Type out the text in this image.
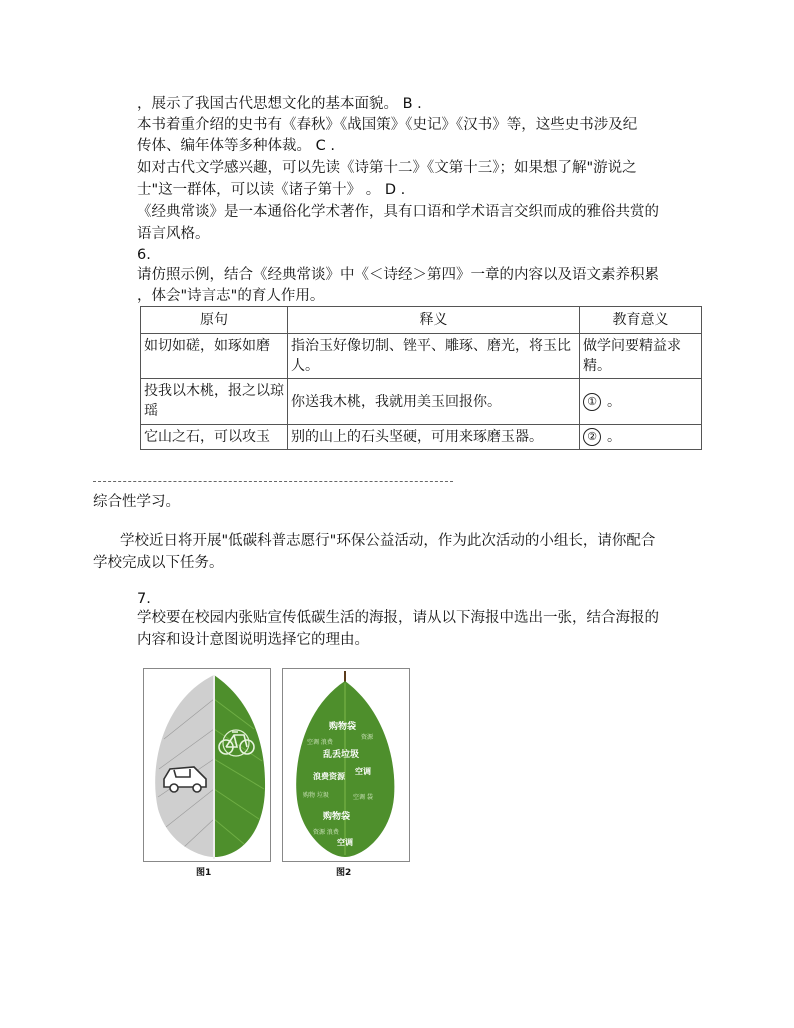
，展示了我国古代思想文化的基本面貌。 B .
本书着重介绍的史书有《春秋》《战国策》《史记》《汉书》等，这些史书涉及纪
传体、编年体等多种体裁。 C .
如对古代文学感兴趣，可以先读《诗第十二》《文第十三》；如果想了解"游说之
士"这一群体，可以读《诸子第十》 。 D .
《经典常谈》是一本通俗化学术著作，具有口语和学术语言交织而成的雅俗共赏的
语言风格。
6.
请仿照示例，结合《经典常谈》中《＜诗经＞第四》一章的内容以及语文素养积累
，体会"诗言志"的育人作用。
原句	释义	教育意义
如切如磋，如琢如磨	指治玉好像切制、锉平、雕琢、磨光，将玉比人。	做学问要精益求精。
投我以木桃，报之以琼瑶	你送我木桃，我就用美玉回报你。	① 。
它山之石，可以攻玉	别的山上的石头坚硬，可用来琢磨玉器。	② 。
综合性学习。
学校近日将开展"低碳科普志愿行"环保公益活动，作为此次活动的小组长，请你配合
学校完成以下任务。
7.
学校要在校园内张贴宣传低碳生活的海报，请从以下海报中选出一张，结合海报的
内容和设计意图说明选择它的理由。
图1
购物袋
乱丢垃圾
浪费资源
空调
购物袋
空调
空调 浪费
资源
购物 垃圾	空调 袋
资源 浪费
图2
